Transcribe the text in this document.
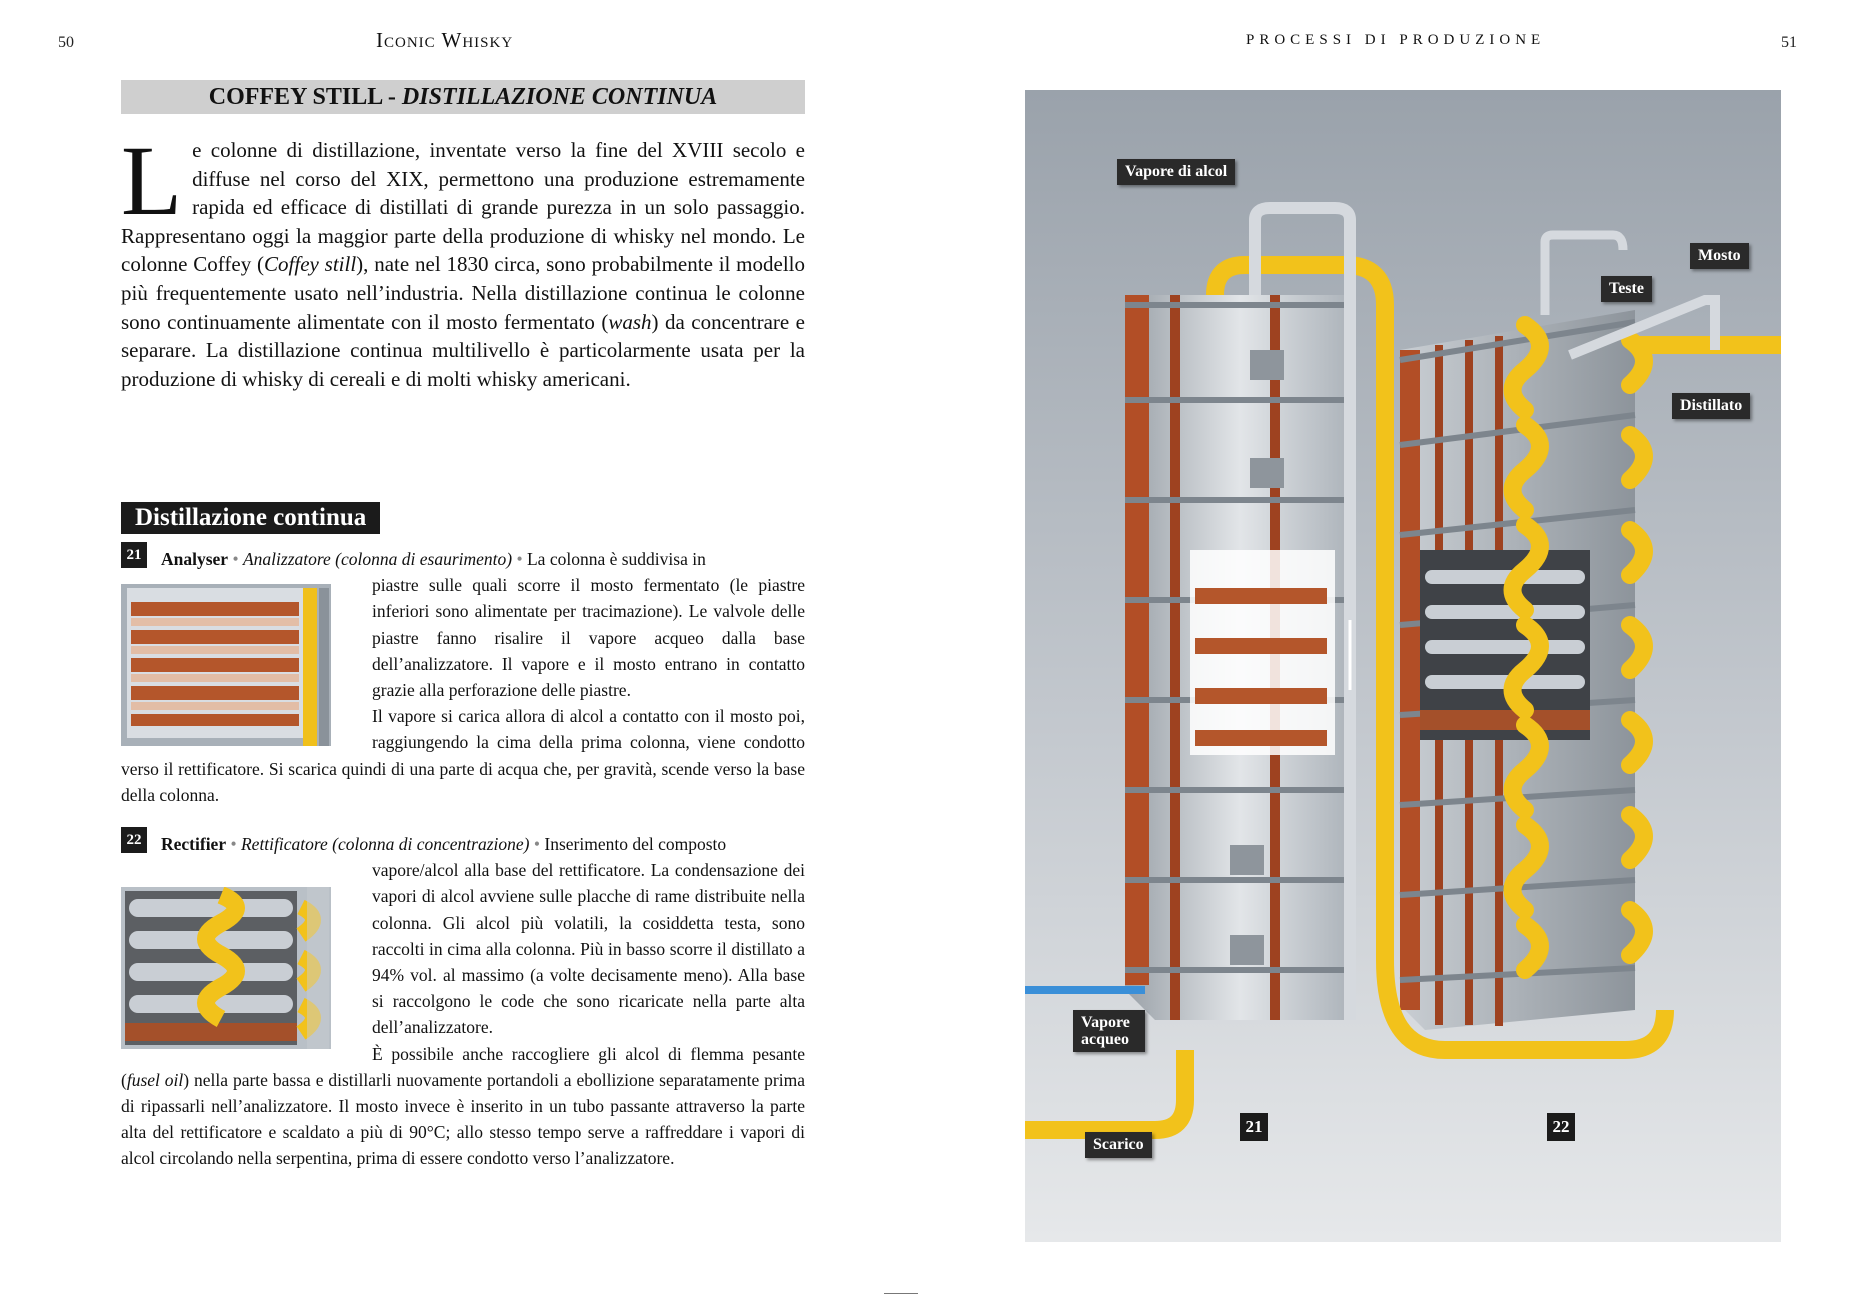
50	Iconic Whisky	PROCESSI DI PRODUZIONE	51
COFFEY STILL - DISTILLAZIONE CONTINUA
Le colonne di distillazione, inventate verso la fine del XVIII secolo e diffuse nel corso del XIX, permettono una produzione estremamente rapida ed efficace di distillati di grande purezza in un solo passaggio. Rappresentano oggi la maggior parte della produzione di whisky nel mondo. Le colonne Coffey (Coffey still), nate nel 1830 circa, sono probabilmente il modello più frequentemente usato nell’industria. Nella distillazione continua le colonne sono continuamente alimentate con il mosto fermentato (wash) da concentrare e separare. La distillazione continua multilivello è particolarmente usata per la produzione di whisky di cereali e di molti whisky americani.
Distillazione continua
21	Analyser • Analizzatore (colonna di esaurimento) • La colonna è suddivisa in
piastre sulle quali scorre il mosto fermentato (le piastre inferiori sono alimentate per tracimazione). Le valvole delle piastre fanno risalire il vapore acqueo dalla base dell’analizzatore. Il vapore e il mosto entrano in contatto grazie alla perforazione delle piastre.
Il vapore si carica allora di alcol a contatto con il mosto poi, raggiungendo la cima della prima colonna, viene condotto verso il rettificatore. Si scarica quindi di una parte di acqua che, per gravità, scende verso la base della colonna.
22	Rectifier • Rettificatore (colonna di concentrazione) • Inserimento del composto
vapore/alcol alla base del rettificatore. La condensazione dei vapori di alcol avviene sulle placche di rame distribuite nella colonna. Gli alcol più volatili, la cosiddetta testa, sono raccolti in cima alla colonna. Più in basso scorre il distillato a 94% vol. al massimo (a volte decisamente meno). Alla base si raccolgono le code che sono ricaricate nella parte alta dell’analizzatore.
È possibile anche raccogliere gli alcol di flemma pesante (fusel oil) nella parte bassa e distillarli nuovamente portandoli a ebollizione separatamente prima di ripassarli nell’analizzatore. Il mosto invece è inserito in un tubo passante attraverso la parte alta del rettificatore e scaldato a più di 90°C; allo stesso tempo serve a raffreddare i vapori di alcol circolando nella serpentina, prima di essere condotto verso l’analizzatore.
Vapore di alcol
Mosto
Teste
Distillato
Vapore acqueo
Scarico
21	22
